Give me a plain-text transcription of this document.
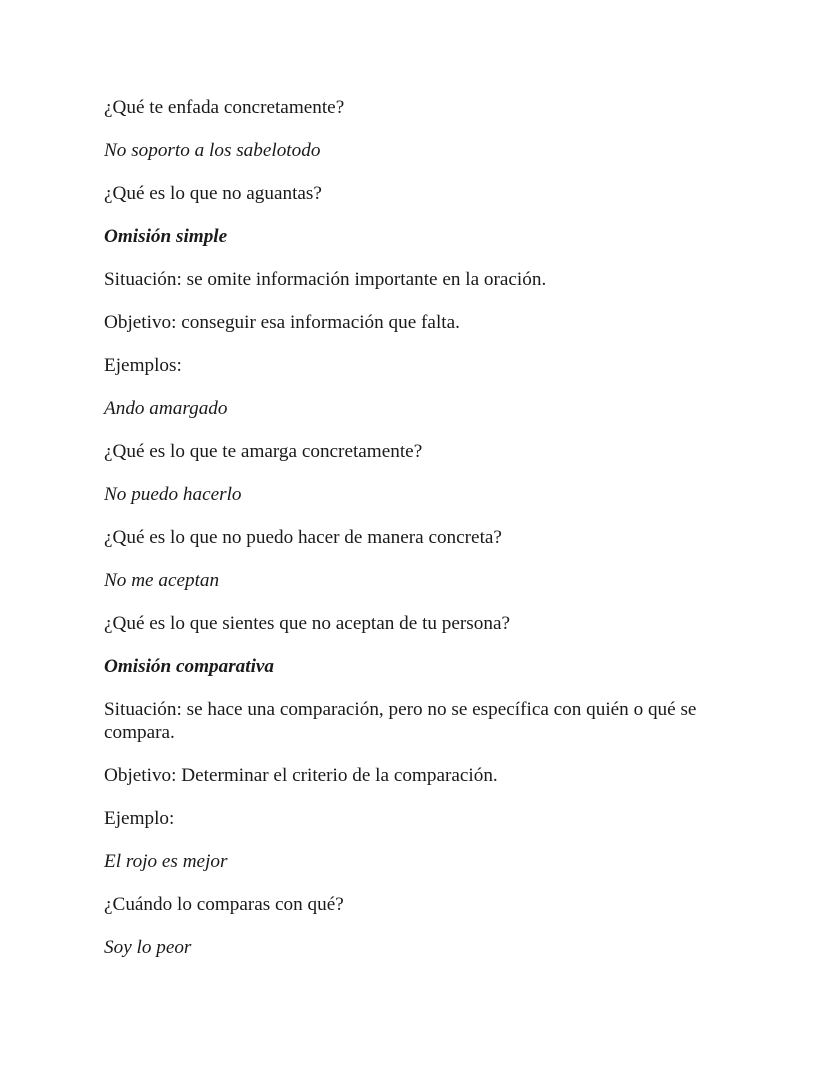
¿Qué te enfada concretamente?

No soporto a los sabelotodo

¿Qué es lo que no aguantas?

Omisión simple

Situación: se omite información importante en la oración.

Objetivo: conseguir esa información que falta.

Ejemplos:

Ando amargado

¿Qué es lo que te amarga concretamente?

No puedo hacerlo

¿Qué es lo que no puedo hacer de manera concreta?

No me aceptan

¿Qué es lo que sientes que no aceptan de tu persona?

Omisión comparativa

Situación: se hace una comparación, pero no se específica con quién o qué se compara.

Objetivo: Determinar el criterio de la comparación.

Ejemplo:

El rojo es mejor

¿Cuándo lo comparas con qué?

Soy lo peor
